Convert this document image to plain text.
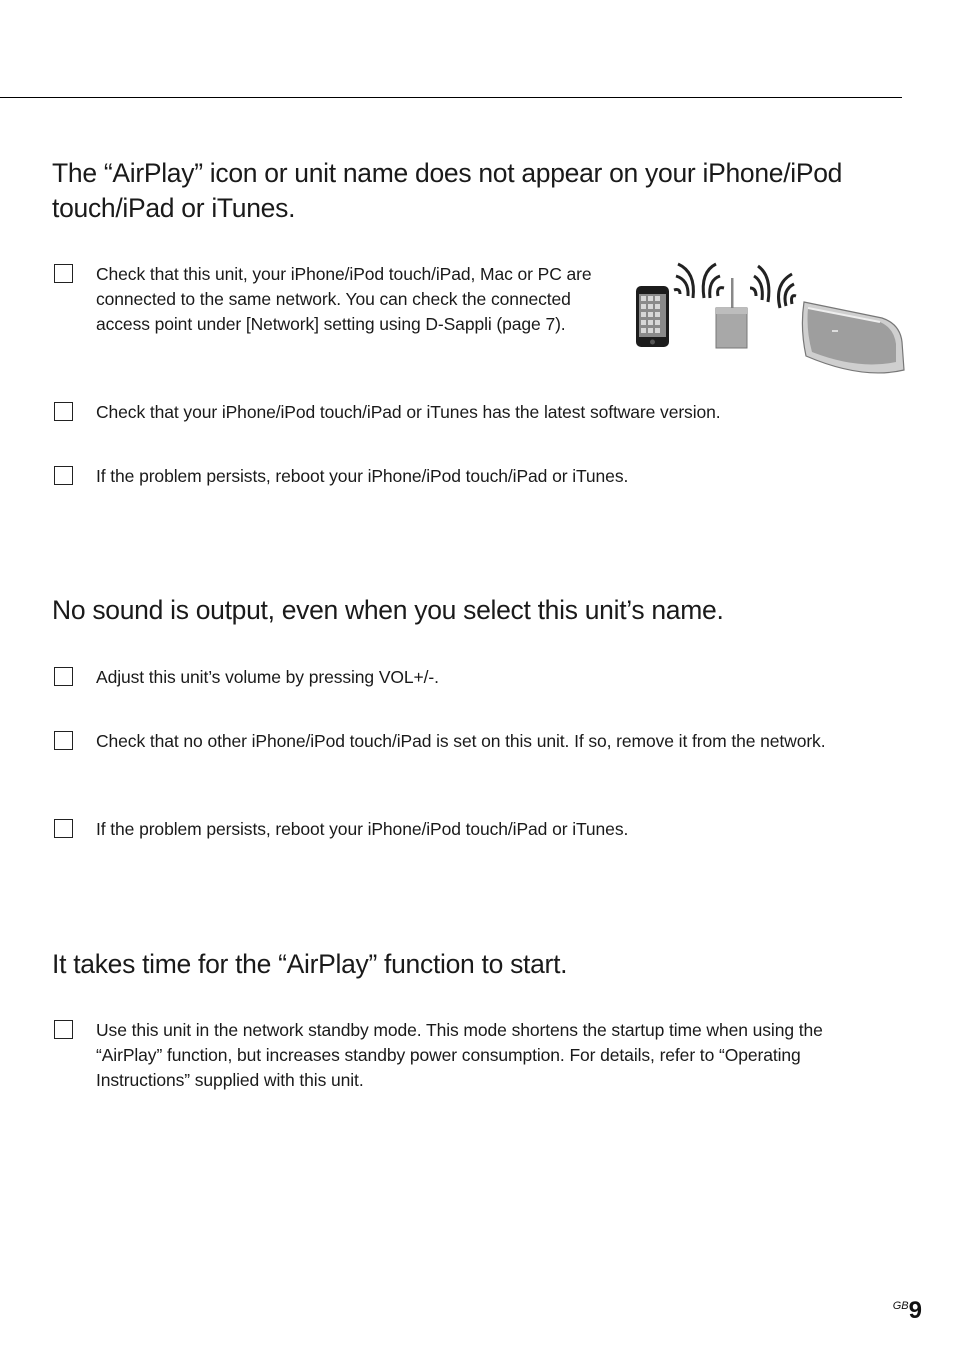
The “AirPlay” icon or unit name does not appear on your iPhone/iPod touch/iPad or iTunes.

Check that this unit, your iPhone/iPod touch/iPad, Mac or PC are connected to the same network. You can check the connected access point under [Network] setting using D-Sappli (page 7).

Check that your iPhone/iPod touch/iPad or iTunes has the latest software version.

If the problem persists, reboot your iPhone/iPod touch/iPad or iTunes.

No sound is output, even when you select this unit’s name.

Adjust this unit’s volume by pressing VOL+/-.

Check that no other iPhone/iPod touch/iPad is set on this unit. If so, remove it from the network.

If the problem persists, reboot your iPhone/iPod touch/iPad or iTunes.

It takes time for the “AirPlay” function to start.

Use this unit in the network standby mode. This mode shortens the startup time when using the “AirPlay” function, but increases standby power consumption. For details, refer to “Operating Instructions” supplied with this unit.

$^{GB}$9
